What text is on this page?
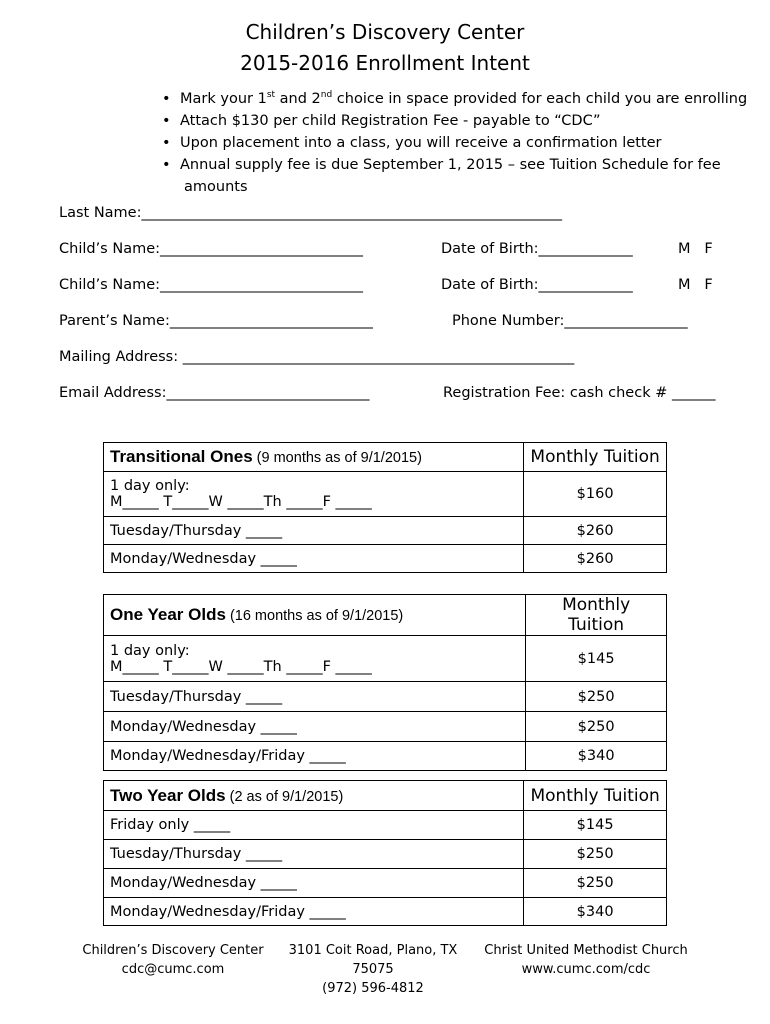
Children’s Discovery Center
2015-2016 Enrollment Intent
• Mark your 1st and 2nd choice in space provided for each child you are enrolling
• Attach $130 per child Registration Fee - payable to “CDC”
• Upon placement into a class, you will receive a confirmation letter
• Annual supply fee is due September 1, 2015 – see Tuition Schedule for fee
amounts
Last Name:__________________________________________________________
Child’s Name:____________________________	Date of Birth:_____________	M   F
Child’s Name:____________________________	Date of Birth:_____________	M   F
Parent’s Name:____________________________	Phone Number:_________________
Mailing Address: ______________________________________________________
Email Address:____________________________	Registration Fee: cash check # ______
Transitional Ones (9 months as of 9/1/2015)	Monthly Tuition

1 day only:
M_____ T_____W _____Th _____F _____	$160
Tuesday/Thursday _____	$260
Monday/Wednesday _____	$260
One Year Olds (16 months as of 9/1/2015)	Monthly Tuition

1 day only:
M_____ T_____W _____Th _____F _____	$145
Tuesday/Thursday _____	$250
Monday/Wednesday _____	$250
Monday/Wednesday/Friday _____	$340
Two Year Olds (2 as of 9/1/2015)	Monthly Tuition
Friday only _____	$145
Tuesday/Thursday _____	$250
Monday/Wednesday _____	$250
Monday/Wednesday/Friday _____	$340
Children’s Discovery Center
cdc@cumc.com
3101 Coit Road, Plano, TX 75075
(972) 596-4812
Christ United Methodist Church
www.cumc.com/cdc
